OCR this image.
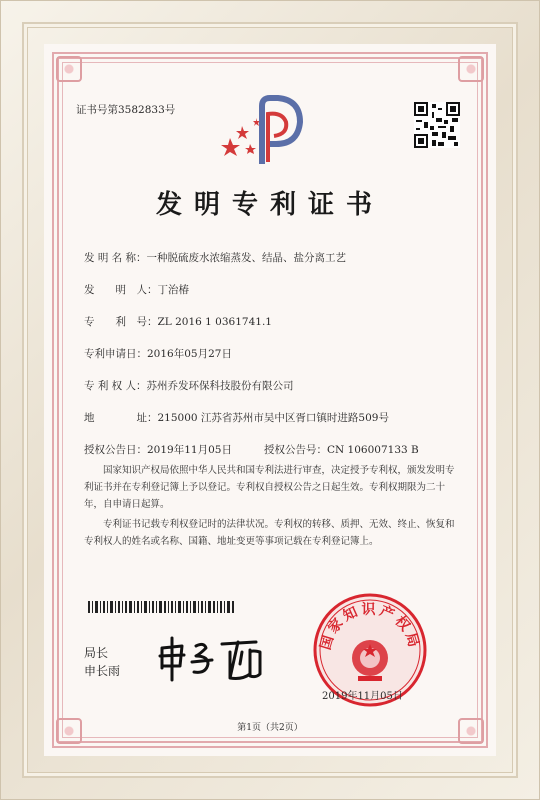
证书号第3582833号
发明专利证书
发 明 名 称：一种脱硫废水浓缩蒸发、结晶、盐分离工艺
发　　明　人：丁治椿
专　　利　号：ZL 2016 1 0361741.1
专利申请日：2016年05月27日
专 利 权 人：苏州乔发环保科技股份有限公司
地　　　　址：215000 江苏省苏州市吴中区胥口镇时进路509号
授权公告日：2019年11月05日	授权公告号：CN 106007133 B
国家知识产权局依照中华人民共和国专利法进行审查，决定授予专利权，颁发发明专利证书并在专利登记簿上予以登记。专利权自授权公告之日起生效。专利权期限为二十年，自申请日起算。
专利证书记载专利权登记时的法律状况。专利权的转移、质押、无效、终止、恢复和专利权人的姓名或名称、国籍、地址变更等事项记载在专利登记簿上。
局长
申长雨
国家知识产权局
2019年11月05日
第1页（共2页）
